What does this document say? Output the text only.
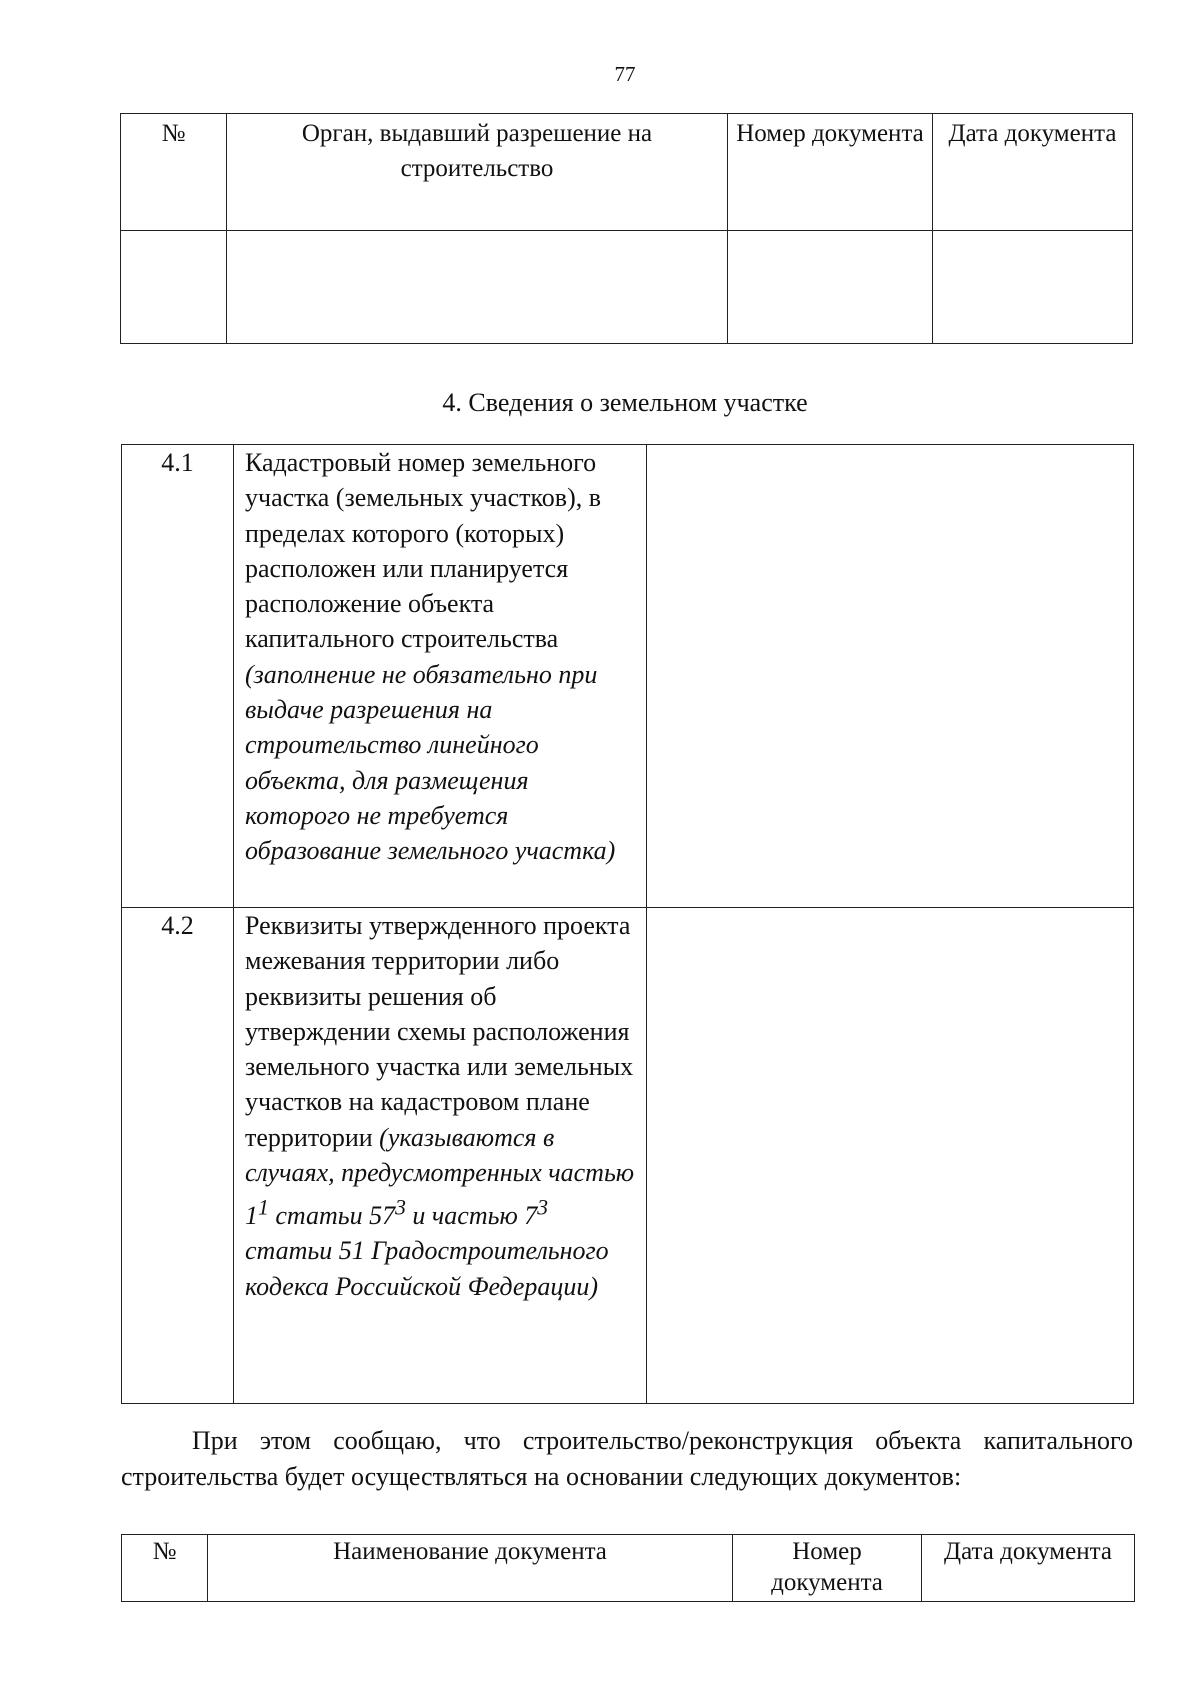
77
№	Орган, выдавший разрешение на строительство	Номер документа	Дата документа

4. Сведения о земельном участке
4.1	Кадастровый номер земельного участка (земельных участков), в пределах которого (которых) расположен или планируется расположение объекта капитального строительства (заполнение не обязательно при выдаче разрешения на строительство линейного объекта, для размещения которого не требуется образование земельного участка)	
4.2	Реквизиты утвержденного проекта межевания территории либо реквизиты решения об утверждении схемы расположения земельного участка или земельных участков на кадастровом плане территории (указываются в случаях, предусмотренных частью $1^1$ статьи $57^3$ и частью $7^3$ статьи 51 Градостроительного кодекса Российской Федерации)	
При этом сообщаю, что строительство/реконструкция объекта капитального строительства будет осуществляться на основании следующих документов:
№	Наименование документа	Номер документа	Дата документа
